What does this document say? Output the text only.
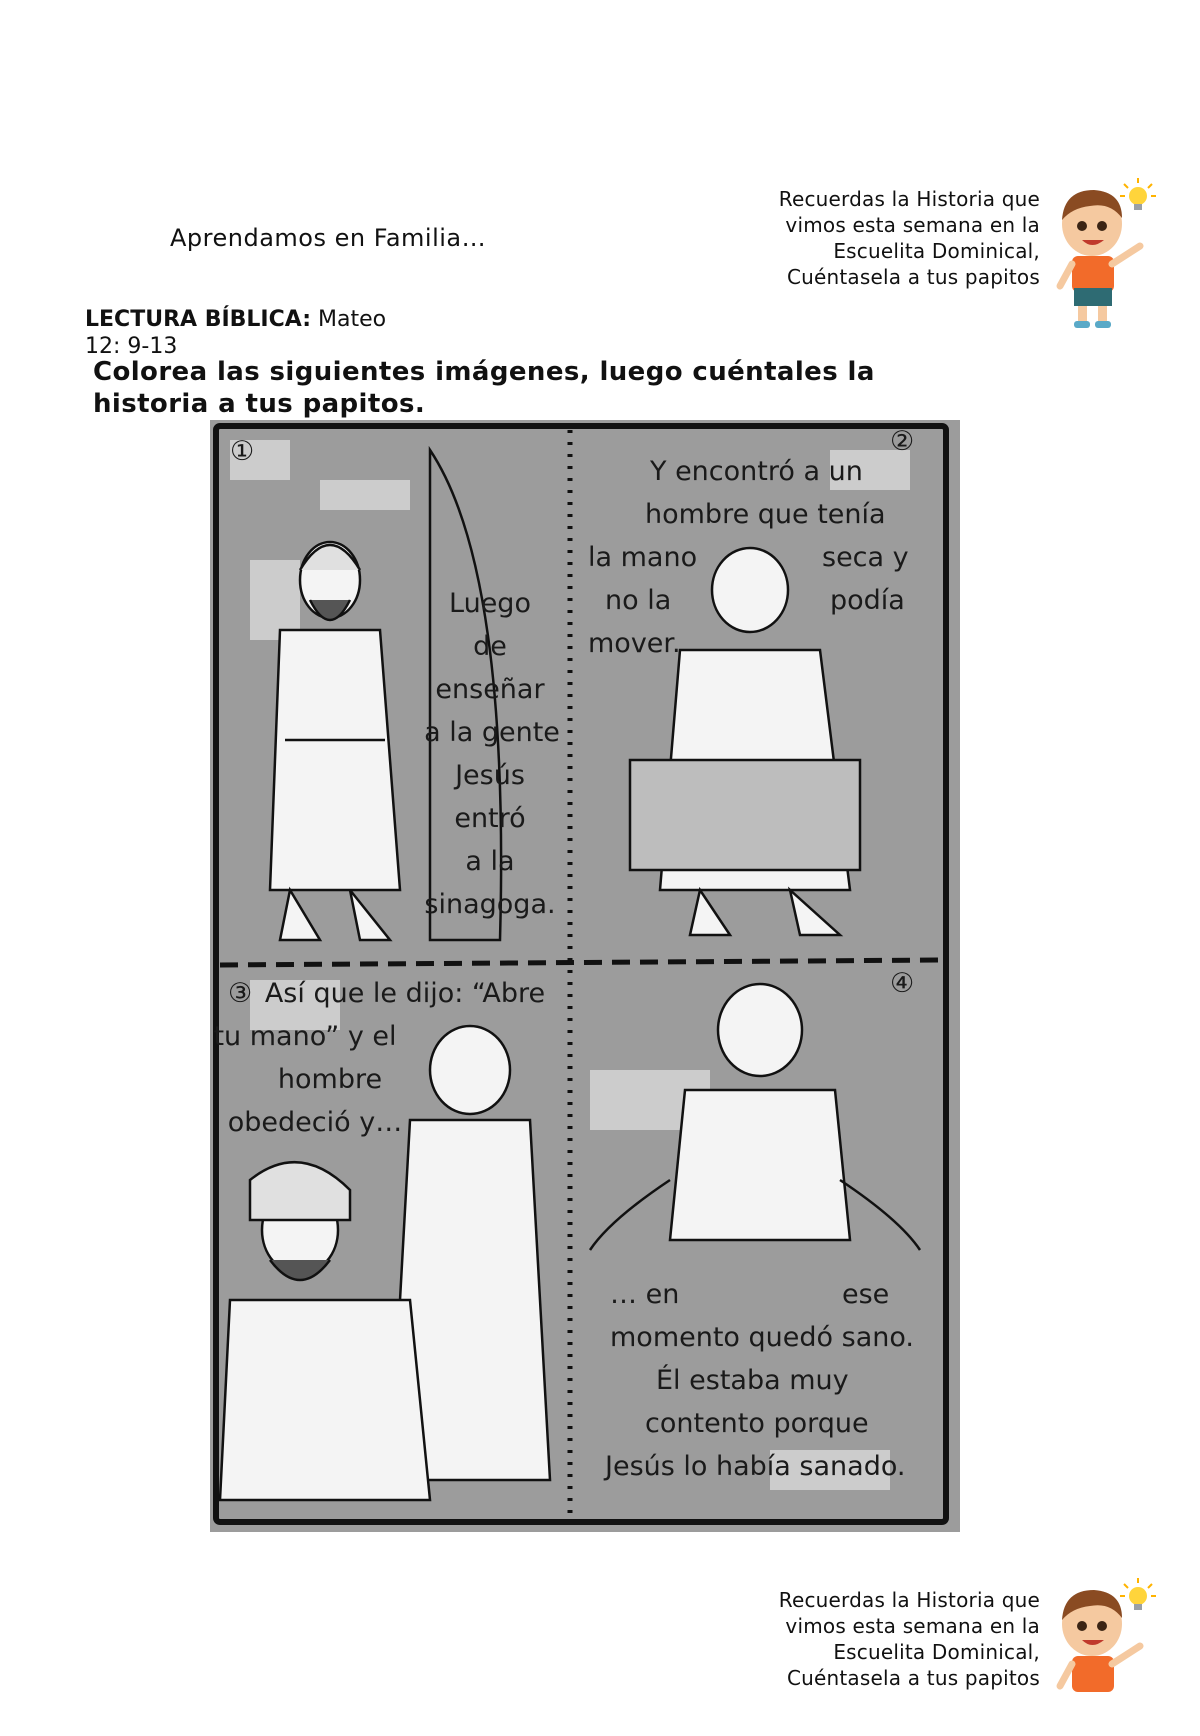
Aprendamos en Familia…
Recuerdas la Historia que
vimos esta semana en la
Escuelita Dominical,
Cuéntasela a tus papitos
LECTURA BÍBLICA: Mateo
12: 9-13
Colorea las siguientes imágenes, luego cuéntales la
historia a tus papitos.
①
Luego
de
enseñar
a la gente
Jesús
entró
a la
sinagoga.
②
Y encontró a un
hombre que tenía
la mano	seca y
no la	podía
mover.
③ Así que le dijo: “Abre
tu mano” y el
hombre
obedeció y…
④
… en	ese
momento quedó sano.
Él estaba muy
contento porque
Jesús lo había sanado.
Recuerdas la Historia que
vimos esta semana en la
Escuelita Dominical,
Cuéntasela a tus papitos
